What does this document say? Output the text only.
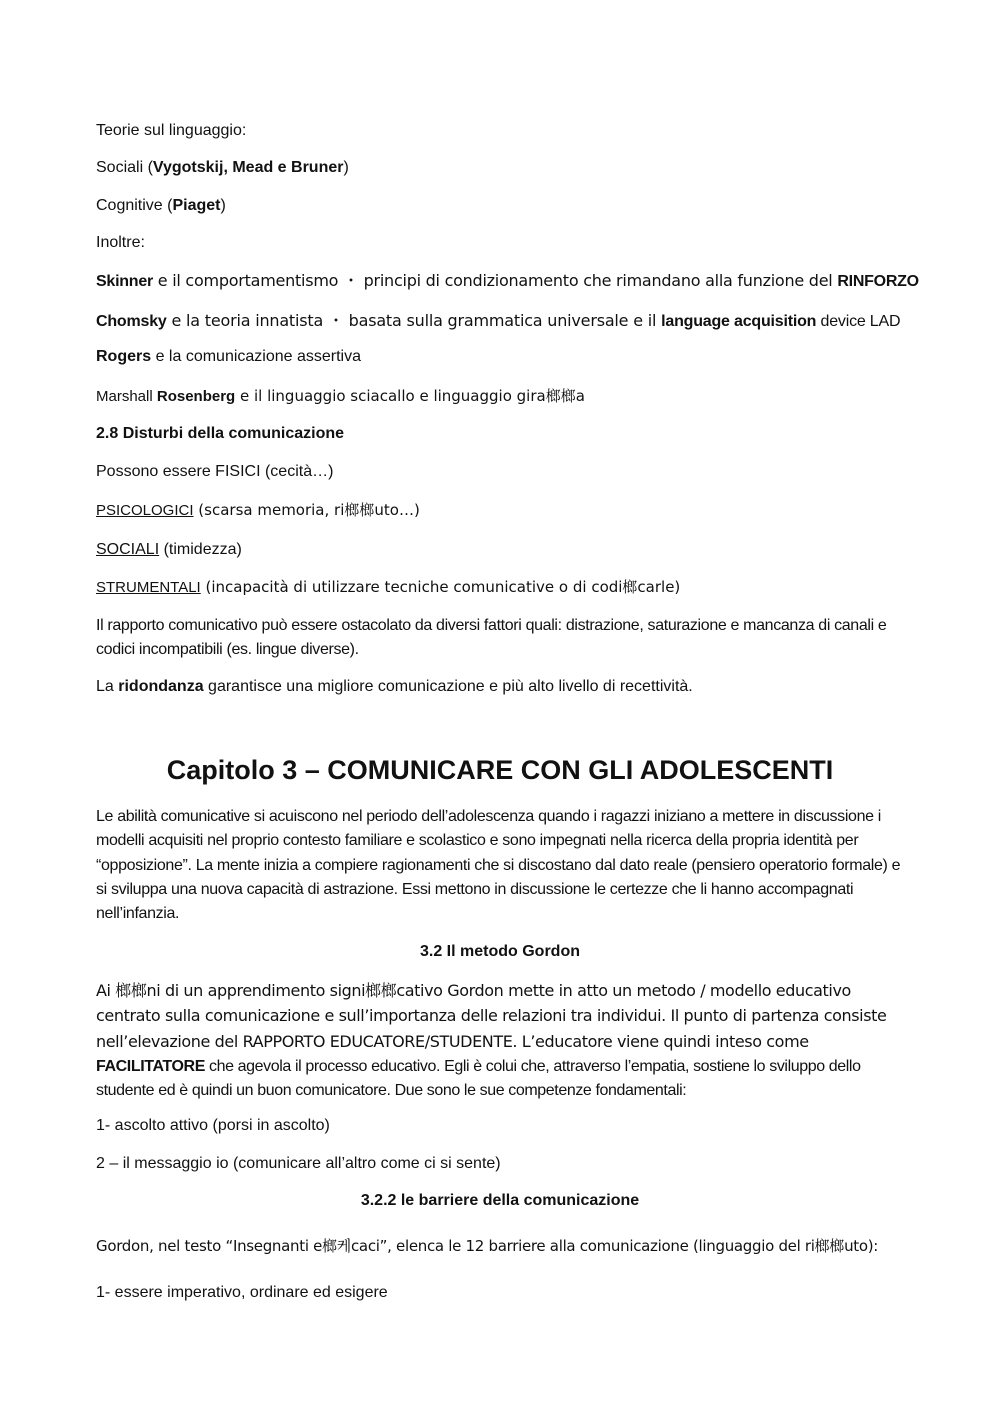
Teorie sul linguaggio:

Sociali (Vygotskij, Mead e Bruner)

Cognitive (Piaget)

Inoltre:

Skinner e il comportamentismo ・ principi di condizionamento che rimandano alla funzione del RINFORZO

Chomsky e la teoria innatista ・ basata sulla grammatica universale e il language acquisition device LAD

Rogers e la comunicazione assertiva

Marshall Rosenberg e il linguaggio sciacallo e linguaggio gira榔榔a

2.8 Disturbi della comunicazione

Possono essere FISICI (cecità…)

PSICOLOGICI (scarsa memoria, ri榔榔uto…)

SOCIALI (timidezza)

STRUMENTALI (incapacità di utilizzare tecniche comunicative o di codi榔carle)

Il rapporto comunicativo può essere ostacolato da diversi fattori quali: distrazione, saturazione e mancanza di canali e codici incompatibili (es. lingue diverse).

La ridondanza garantisce una migliore comunicazione e più alto livello di recettività.

Capitolo 3 – COMUNICARE CON GLI ADOLESCENTI

Le abilità comunicative si acuiscono nel periodo dell’adolescenza quando i ragazzi iniziano a mettere in discussione i modelli acquisiti nel proprio contesto familiare e scolastico e sono impegnati nella ricerca della propria identità per “opposizione”. La mente inizia a compiere ragionamenti che si discostano dal dato reale (pensiero operatorio formale) e si sviluppa una nuova capacità di astrazione. Essi mettono in discussione le certezze che li hanno accompagnati nell’infanzia.

3.2 Il metodo Gordon

Ai 榔榔ni di un apprendimento signi榔榔cativo Gordon mette in atto un metodo / modello educativo centrato sulla comunicazione e sull’importanza delle relazioni tra individui. Il punto di partenza consiste nell’elevazione del RAPPORTO EDUCATORE/STUDENTE. L’educatore viene quindi inteso come FACILITATORE che agevola il processo educativo. Egli è colui che, attraverso l’empatia, sostiene lo sviluppo dello studente ed è quindi un buon comunicatore. Due sono le sue competenze fondamentali:

1- ascolto attivo (porsi in ascolto)

2 – il messaggio io (comunicare all’altro come ci si sente)

3.2.2 le barriere della comunicazione

Gordon, nel testo “Insegnanti e榔케caci”, elenca le 12 barriere alla comunicazione (linguaggio del ri榔榔uto):

1- essere imperativo, ordinare ed esigere
